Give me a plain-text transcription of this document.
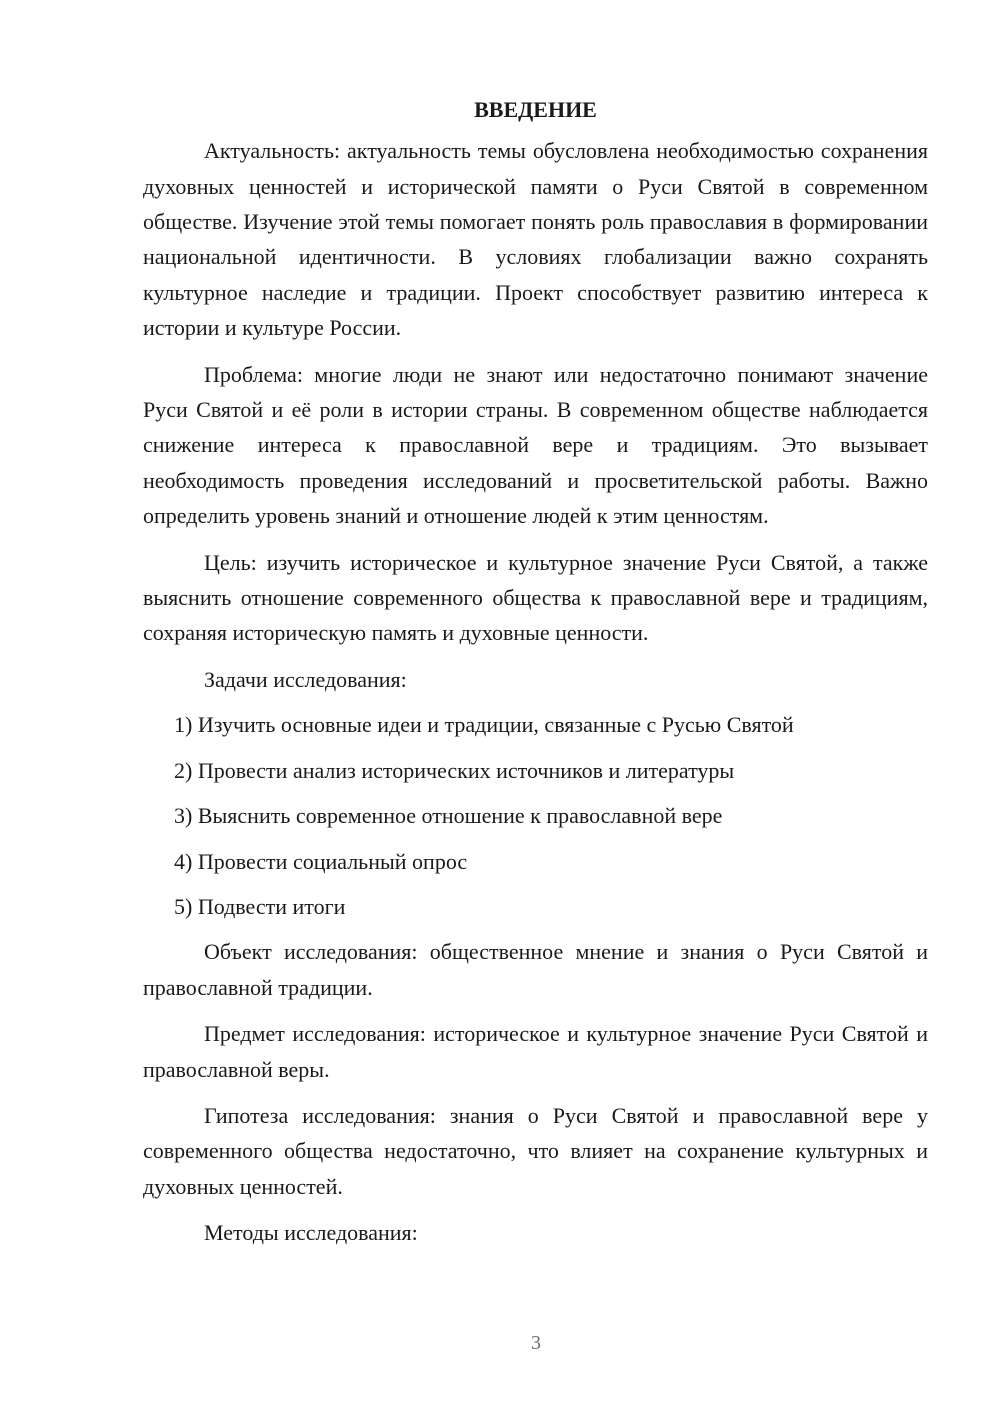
ВВЕДЕНИЕ

Актуальность: актуальность темы обусловлена необходимостью сохранения духовных ценностей и исторической памяти о Руси Святой в современном обществе. Изучение этой темы помогает понять роль православия в формировании национальной идентичности. В условиях глобализации важно сохранять культурное наследие и традиции. Проект способствует развитию интереса к истории и культуре России.

Проблема: многие люди не знают или недостаточно понимают значение Руси Святой и её роли в истории страны. В современном обществе наблюдается снижение интереса к православной вере и традициям. Это вызывает необходимость проведения исследований и просветительской работы. Важно определить уровень знаний и отношение людей к этим ценностям.

Цель: изучить историческое и культурное значение Руси Святой, а также выяснить отношение современного общества к православной вере и традициям, сохраняя историческую память и духовные ценности.

Задачи исследования:

1) Изучить основные идеи и традиции, связанные с Русью Святой
2) Провести анализ исторических источников и литературы
3) Выяснить современное отношение к православной вере
4) Провести социальный опрос
5) Подвести итоги

Объект исследования: общественное мнение и знания о Руси Святой и православной традиции.

Предмет исследования: историческое и культурное значение Руси Святой и православной веры.

Гипотеза исследования: знания о Руси Святой и православной вере у современного общества недостаточно, что влияет на сохранение культурных и духовных ценностей.

Методы исследования:

3
